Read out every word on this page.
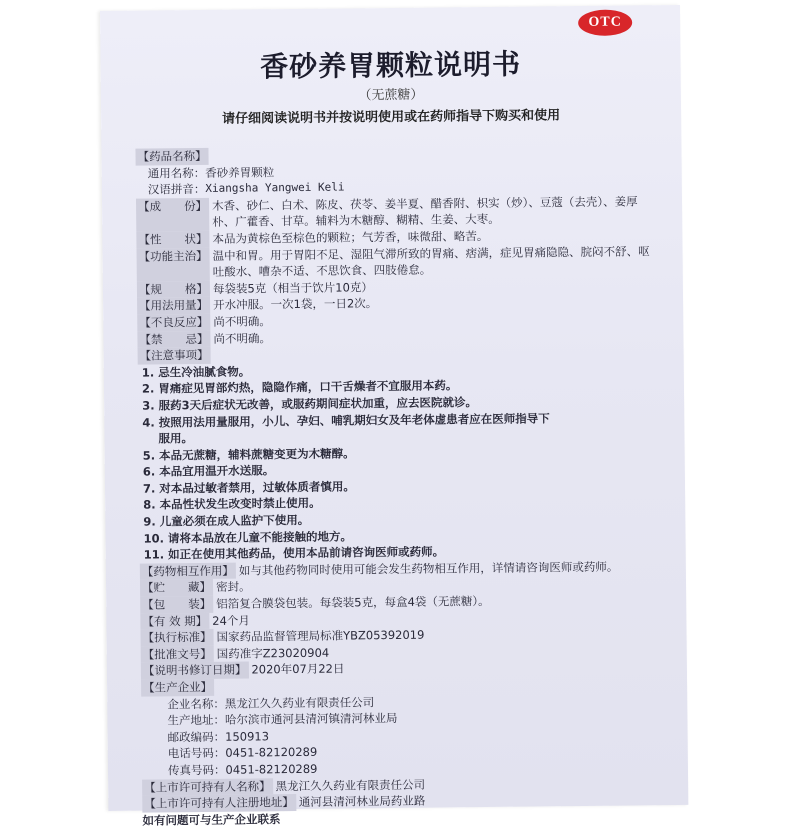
OTC
香砂养胃颗粒说明书
（无蔗糖）
请仔细阅读说明书并按说明使用或在药师指导下购买和使用
【药品名称】
通用名称： 香砂养胃颗粒
汉语拼音： Xiangsha Yangwei Keli
【成　　份】 木香、砂仁、白术、陈皮、茯苓、姜半夏、醋香附、枳实（炒）、豆蔻（去壳）、姜厚朴、广藿香、甘草。辅料为木糖醇、糊精、生姜、大枣。
【性　　状】 本品为黄棕色至棕色的颗粒；气芳香，味微甜、略苦。
【功能主治】 温中和胃。用于胃阳不足、湿阻气滞所致的胃痛、痞满，症见胃痛隐隐、脘闷不舒、呕吐酸水、嘈杂不适、不思饮食、四肢倦怠。
【规　　格】 每袋装5克（相当于饮片10克）
【用法用量】 开水冲服。一次1袋，一日2次。
【不良反应】 尚不明确。
【禁　　忌】 尚不明确。
【注意事项】
1. 忌生冷油腻食物。
2. 胃痛症见胃部灼热，隐隐作痛，口干舌燥者不宜服用本药。
3. 服药3天后症状无改善，或服药期间症状加重，应去医院就诊。
4. 按照用法用量服用，小儿、孕妇、哺乳期妇女及年老体虚患者应在医师指导下
服用。
5. 本品无蔗糖，辅料蔗糖变更为木糖醇。
6. 本品宜用温开水送服。
7. 对本品过敏者禁用，过敏体质者慎用。
8. 本品性状发生改变时禁止使用。
9. 儿童必须在成人监护下使用。
10. 请将本品放在儿童不能接触的地方。
11. 如正在使用其他药品，使用本品前请咨询医师或药师。
【药物相互作用】 如与其他药物同时使用可能会发生药物相互作用，详情请咨询医师或药师。
【贮　　藏】 密封。
【包　　装】 铝箔复合膜袋包装。每袋装5克，每盒4袋（无蔗糖）。
【有 效 期】 24个月
【执行标准】 国家药品监督管理局标准YBZ05392019
【批准文号】 国药准字Z23020904
【说明书修订日期】 2020年07月22日
【生产企业】
企业名称： 黑龙江久久药业有限责任公司
生产地址： 哈尔滨市通河县清河镇清河林业局
邮政编码： 150913
电话号码： 0451-82120289
传真号码： 0451-82120289
【上市许可持有人名称】 黑龙江久久药业有限责任公司
【上市许可持有人注册地址】 通河县清河林业局药业路
如有问题可与生产企业联系
